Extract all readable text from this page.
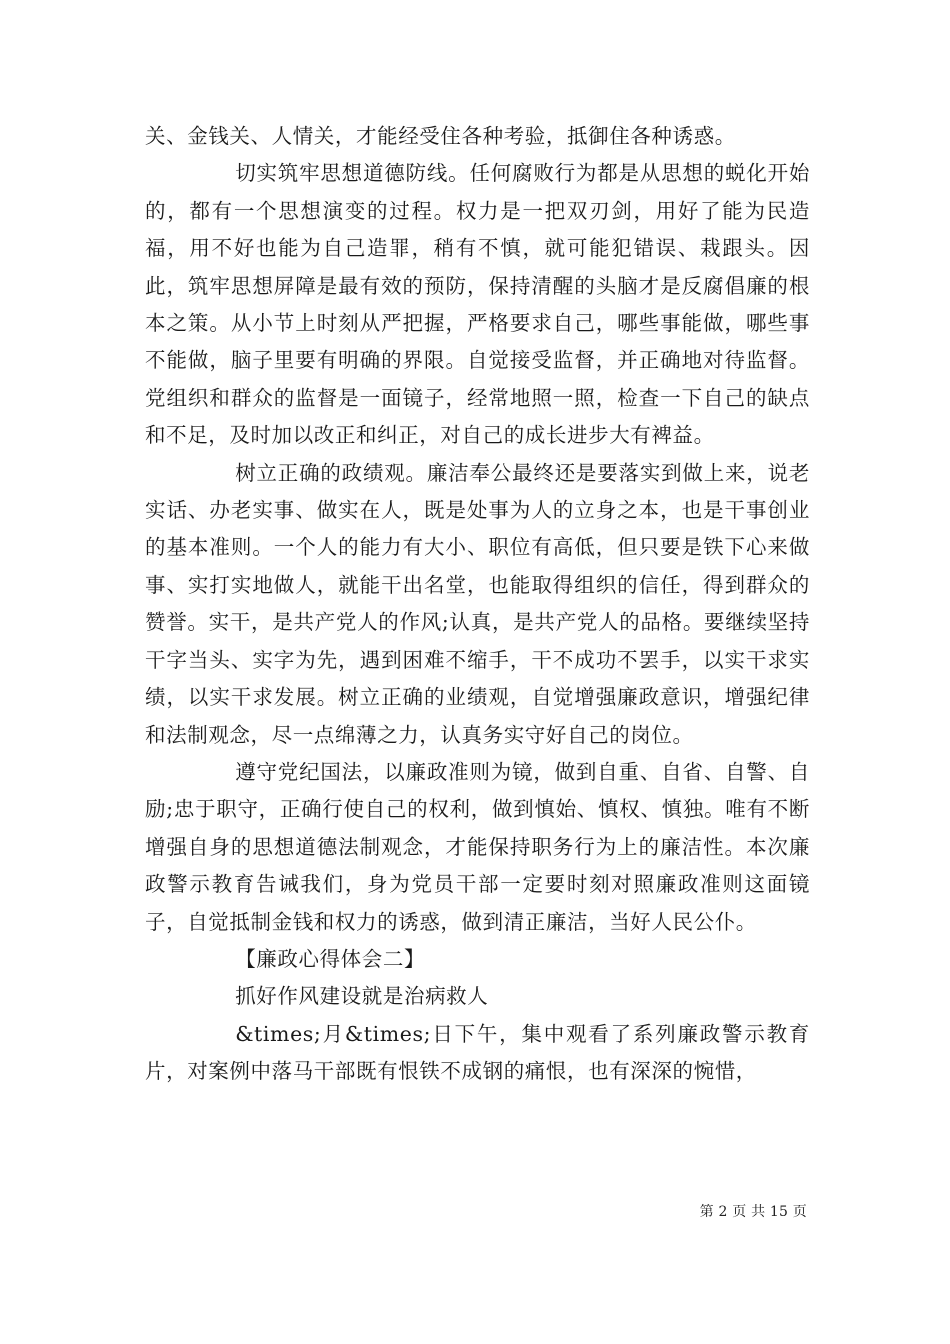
关、金钱关、人情关，才能经受住各种考验，抵御住各种诱惑。

切实筑牢思想道德防线。任何腐败行为都是从思想的蜕化开始的，都有一个思想演变的过程。权力是一把双刃剑，用好了能为民造福，用不好也能为自己造罪，稍有不慎，就可能犯错误、栽跟头。因此，筑牢思想屏障是最有效的预防，保持清醒的头脑才是反腐倡廉的根本之策。从小节上时刻从严把握，严格要求自己，哪些事能做，哪些事不能做，脑子里要有明确的界限。自觉接受监督，并正确地对待监督。党组织和群众的监督是一面镜子，经常地照一照，检查一下自己的缺点和不足，及时加以改正和纠正，对自己的成长进步大有裨益。

树立正确的政绩观。廉洁奉公最终还是要落实到做上来，说老实话、办老实事、做实在人，既是处事为人的立身之本，也是干事创业的基本准则。一个人的能力有大小、职位有高低，但只要是铁下心来做事、实打实地做人，就能干出名堂，也能取得组织的信任，得到群众的赞誉。实干，是共产党人的作风;认真，是共产党人的品格。要继续坚持干字当头、实字为先，遇到困难不缩手，干不成功不罢手，以实干求实绩，以实干求发展。树立正确的业绩观，自觉增强廉政意识，增强纪律和法制观念，尽一点绵薄之力，认真务实守好自己的岗位。

遵守党纪国法，以廉政准则为镜，做到自重、自省、自警、自励;忠于职守，正确行使自己的权利，做到慎始、慎权、慎独。唯有不断增强自身的思想道德法制观念，才能保持职务行为上的廉洁性。本次廉政警示教育告诫我们，身为党员干部一定要时刻对照廉政准则这面镜子，自觉抵制金钱和权力的诱惑，做到清正廉洁，当好人民公仆。

【廉政心得体会二】

抓好作风建设就是治病救人

&times;月&times;日下午，集中观看了系列廉政警示教育片，对案例中落马干部既有恨铁不成钢的痛恨，也有深深的惋惜，

第 2 页 共 15 页
